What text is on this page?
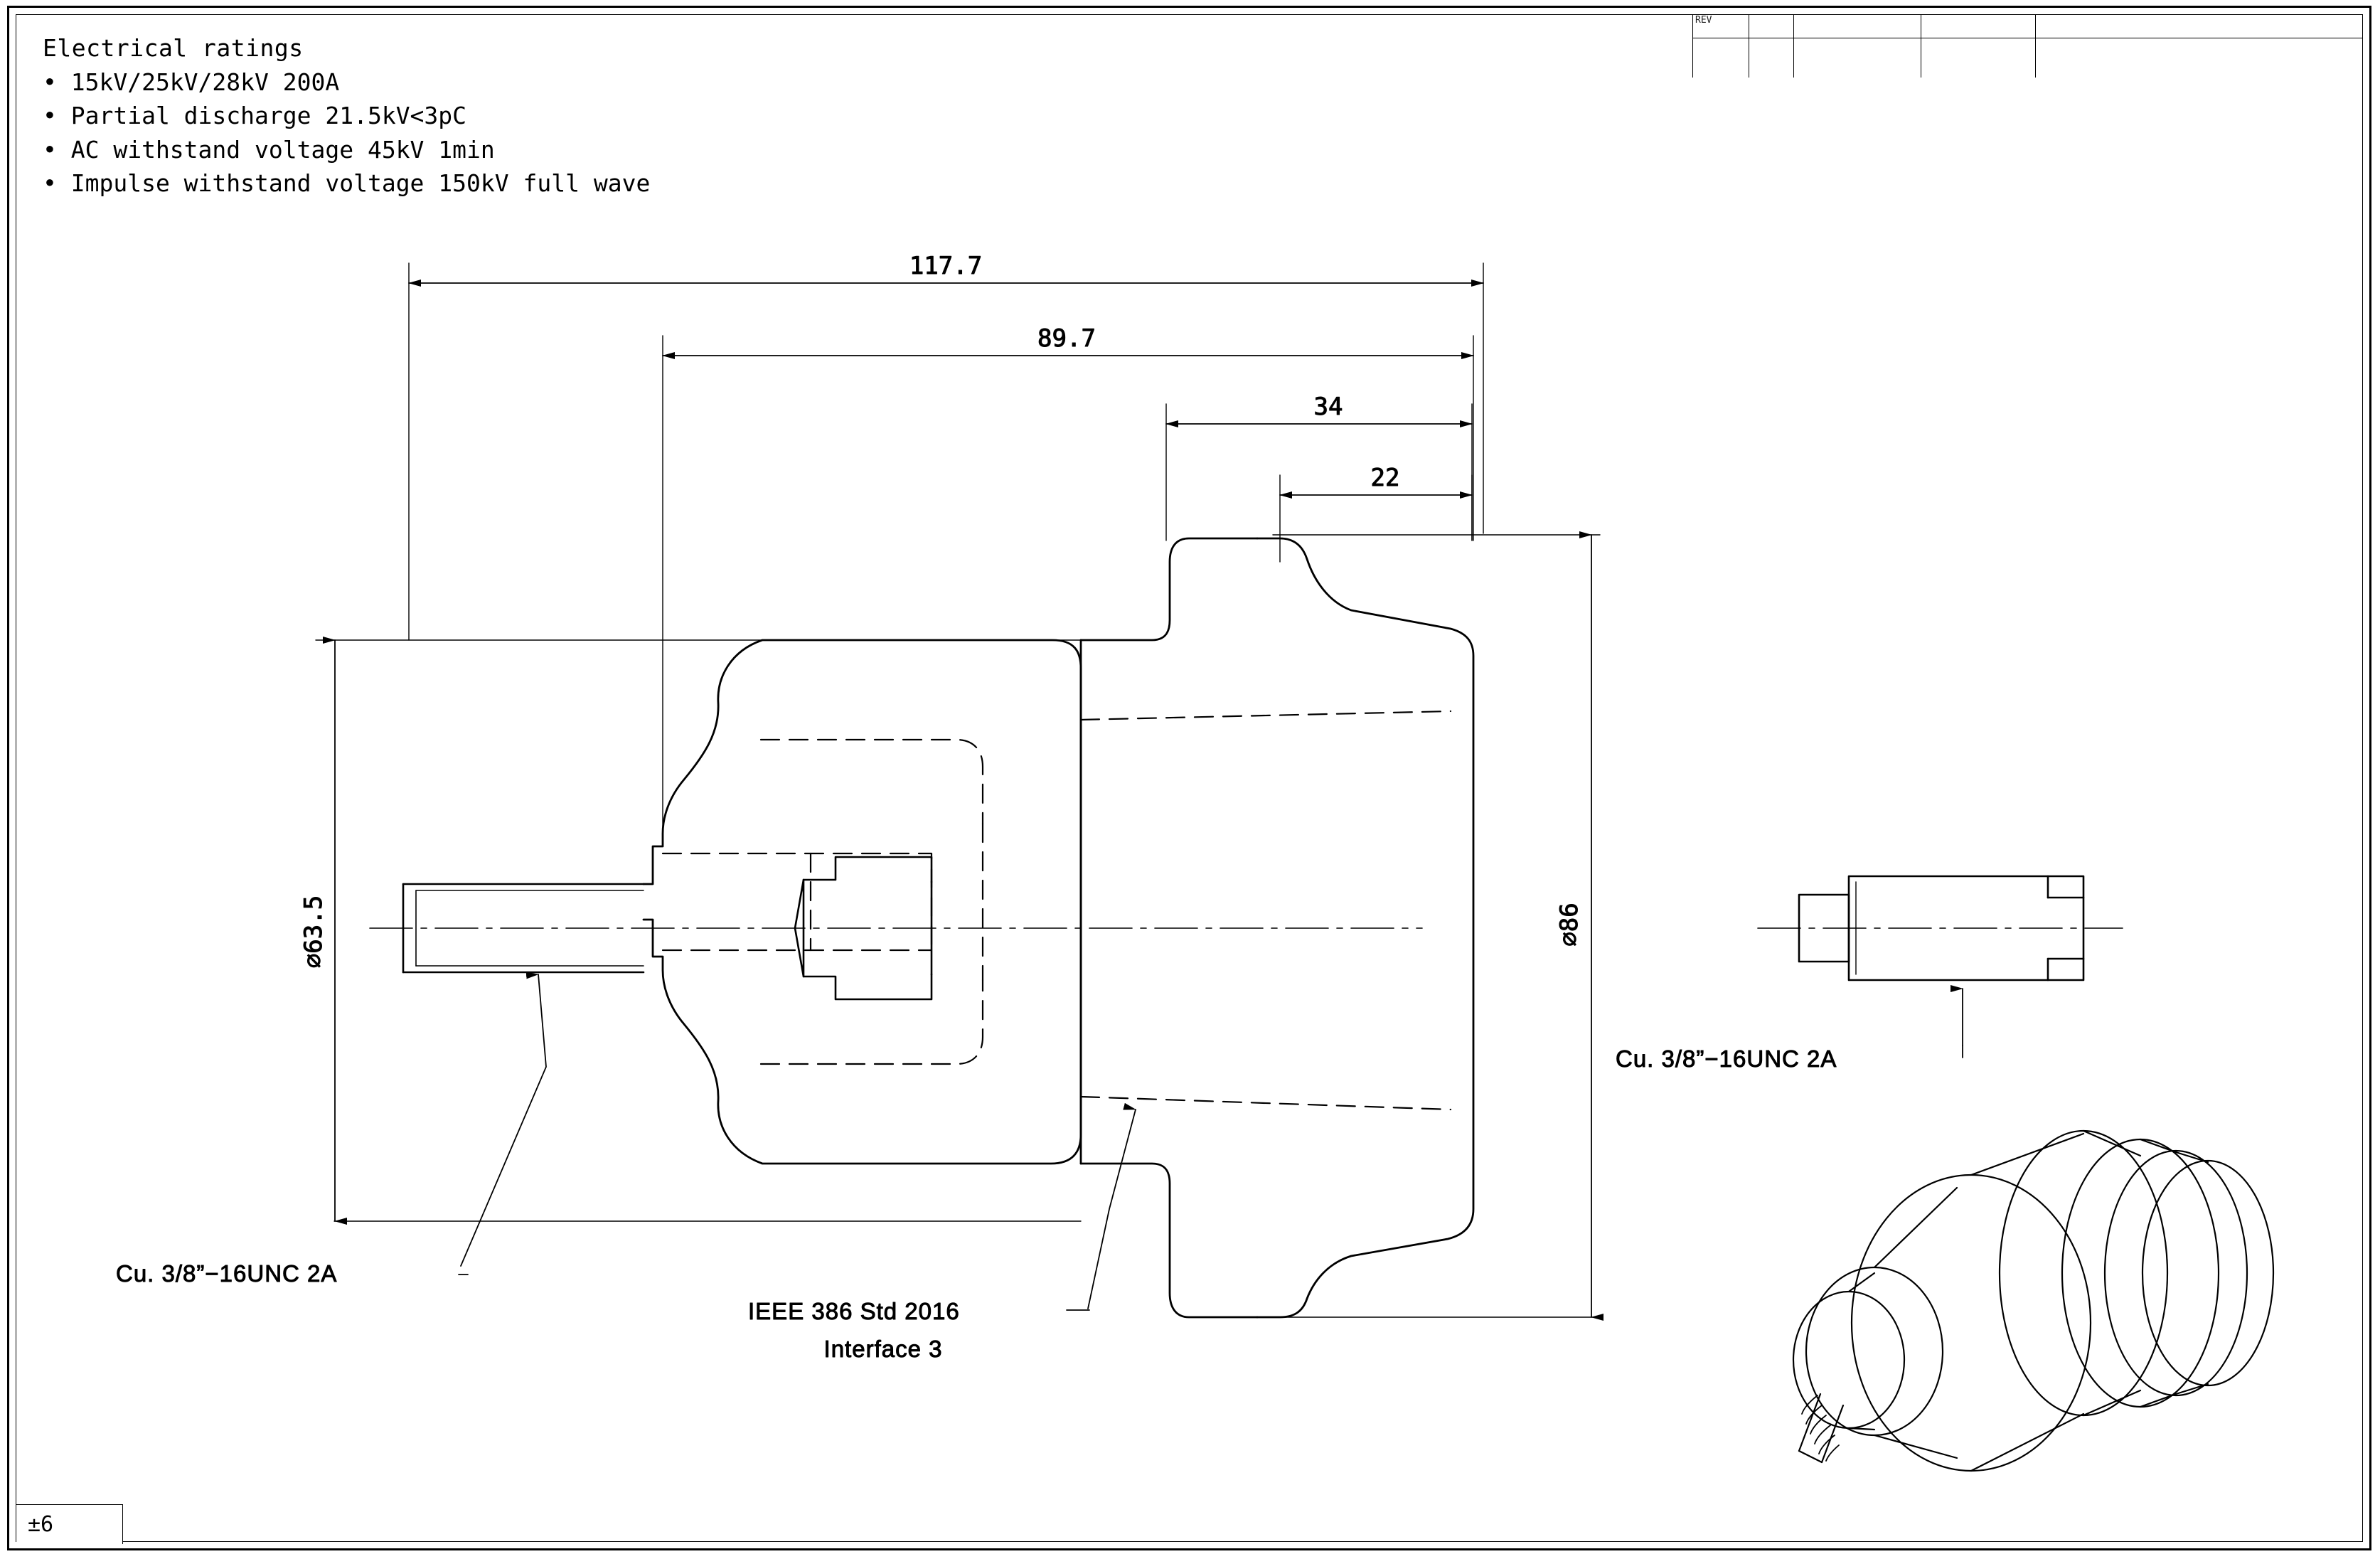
Electrical ratings
• 15kV/25kV/28kV 200A
• Partial discharge 21.5kV<3pC
• AC withstand voltage 45kV 1min
• Impulse withstand voltage 150kV full wave
REV
±6
117.7
89.7
34
22
⌀63.5	⌀86
Cu. 3/8”−16UNC 2A
Cu. 3/8”−16UNC 2A
IEEE 386 Std 2016
Interface 3
